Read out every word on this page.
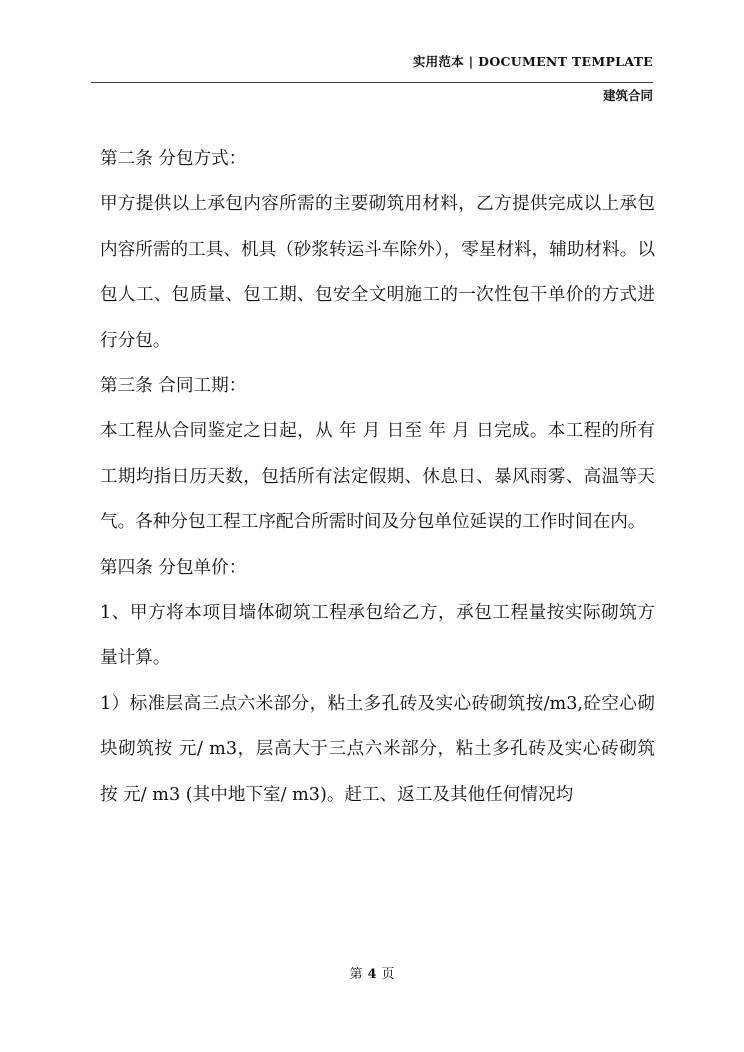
实用范本 | DOCUMENT TEMPLATE
建筑合同

第二条 分包方式：

甲方提供以上承包内容所需的主要砌筑用材料，乙方提供完成以上承包内容所需的工具、机具（砂浆转运斗车除外），零星材料，辅助材料。以包人工、包质量、包工期、包安全文明施工的一次性包干单价的方式进行分包。

第三条 合同工期：

本工程从合同鉴定之日起，从 年 月 日至 年 月 日完成。本工程的所有工期均指日历天数，包括所有法定假期、休息日、暴风雨雾、高温等天气。各种分包工程工序配合所需时间及分包单位延误的工作时间在内。

第四条 分包单价：

1、甲方将本项目墙体砌筑工程承包给乙方，承包工程量按实际砌筑方量计算。

1）标准层高三点六米部分，粘土多孔砖及实心砖砌筑按/m3,砼空心砌块砌筑按 元/ m3，层高大于三点六米部分，粘土多孔砖及实心砖砌筑按 元/ m3 (其中地下室/ m3)。赶工、返工及其他任何情况均

第 4 页
